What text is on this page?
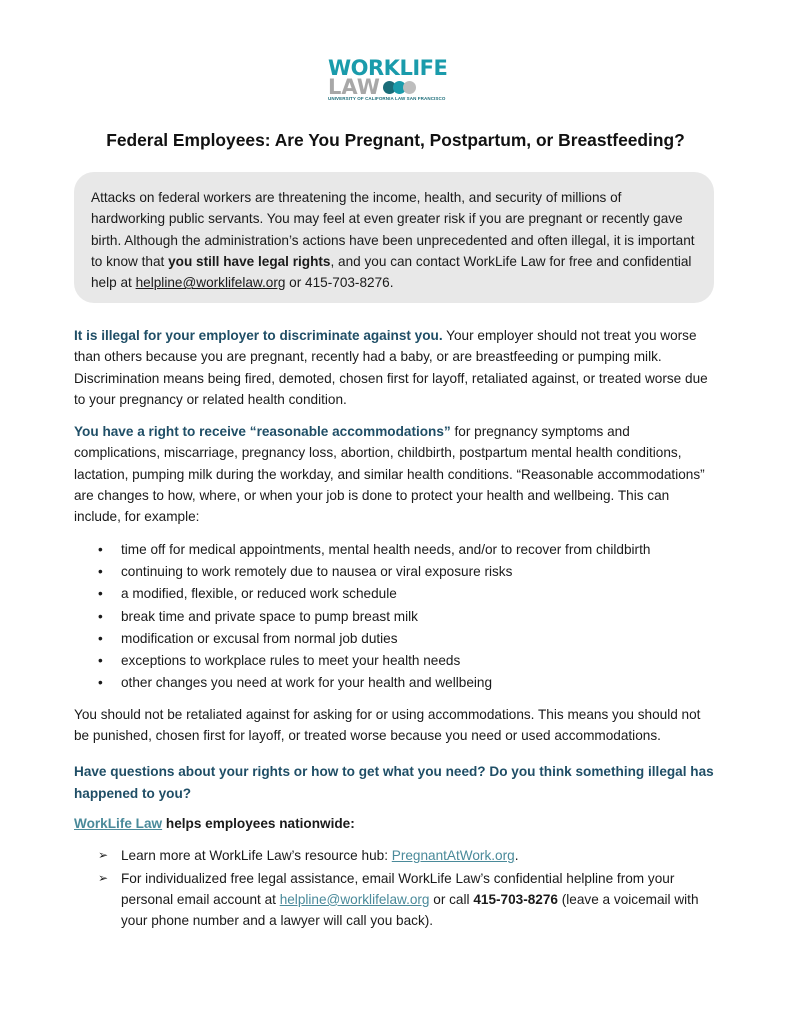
WORKLIFE
LAW
UNIVERSITY OF CALIFORNIA LAW SAN FRANCISCO
Federal Employees: Are You Pregnant, Postpartum, or Breastfeeding?
Attacks on federal workers are threatening the income, health, and security of millions of hardworking public servants. You may feel at even greater risk if you are pregnant or recently gave birth. Although the administration’s actions have been unprecedented and often illegal, it is important to know that you still have legal rights, and you can contact WorkLife Law for free and confidential help at helpline@worklifelaw.org or 415-703-8276.

It is illegal for your employer to discriminate against you. Your employer should not treat you worse than others because you are pregnant, recently had a baby, or are breastfeeding or pumping milk. Discrimination means being fired, demoted, chosen first for layoff, retaliated against, or treated worse due to your pregnancy or related health condition.

You have a right to receive “reasonable accommodations” for pregnancy symptoms and complications, miscarriage, pregnancy loss, abortion, childbirth, postpartum mental health conditions, lactation, pumping milk during the workday, and similar health conditions. “Reasonable accommodations” are changes to how, where, or when your job is done to protect your health and wellbeing. This can include, for example:

• time off for medical appointments, mental health needs, and/or to recover from childbirth
• continuing to work remotely due to nausea or viral exposure risks
• a modified, flexible, or reduced work schedule
• break time and private space to pump breast milk
• modification or excusal from normal job duties
• exceptions to workplace rules to meet your health needs
• other changes you need at work for your health and wellbeing

You should not be retaliated against for asking for or using accommodations. This means you should not be punished, chosen first for layoff, or treated worse because you need or used accommodations.

Have questions about your rights or how to get what you need? Do you think something illegal has happened to you?

WorkLife Law helps employees nationwide:

➢ Learn more at WorkLife Law’s resource hub: PregnantAtWork.org.
➢ For individualized free legal assistance, email WorkLife Law’s confidential helpline from your personal email account at helpline@worklifelaw.org or call 415-703-8276 (leave a voicemail with your phone number and a lawyer will call you back).
